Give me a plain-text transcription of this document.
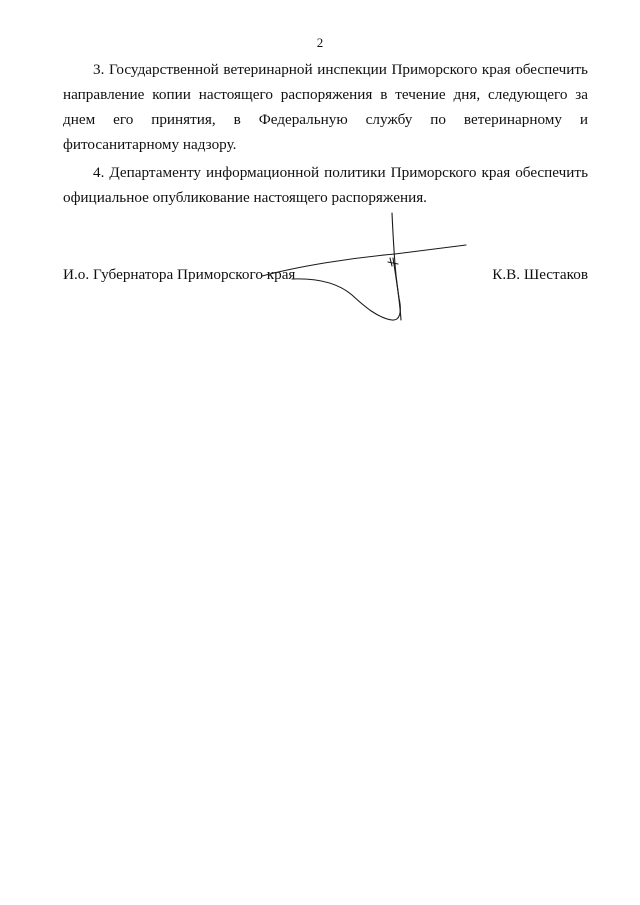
2

3. Государственной ветеринарной инспекции Приморского края обеспечить направление копии настоящего распоряжения в течение дня, следующего за днем его принятия, в Федеральную службу по ветеринарному и фитосанитарному надзору.

4. Департаменту информационной политики Приморского края обеспечить официальное опубликование настоящего распоряжения.

И.о. Губернатора Приморского края	К.В. Шестаков
